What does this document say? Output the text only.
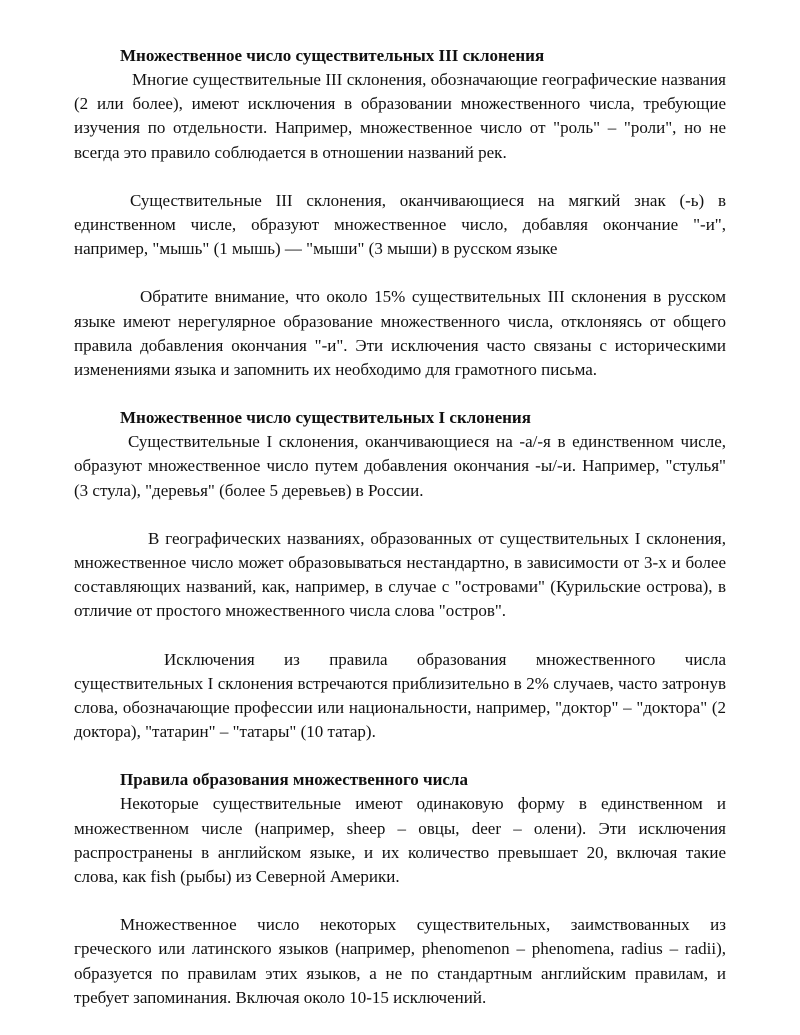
Множественное число существительных III склонения

Многие существительные III склонения, обозначающие географические названия (2 или более), имеют исключения в образовании множественного числа, требующие изучения по отдельности. Например, множественное число от "роль" – "роли", но не всегда это правило соблюдается в отношении названий рек.

Существительные III склонения, оканчивающиеся на мягкий знак (-ь) в единственном числе, образуют множественное число, добавляя окончание "-и", например, "мышь" (1 мышь) — "мыши" (3 мыши) в русском языке

Обратите внимание, что около 15% существительных III склонения в русском языке имеют нерегулярное образование множественного числа, отклоняясь от общего правила добавления окончания "-и". Эти исключения часто связаны с историческими изменениями языка и запомнить их необходимо для грамотного письма.

Множественное число существительных I склонения

Существительные I склонения, оканчивающиеся на -а/-я в единственном числе, образуют множественное число путем добавления окончания -ы/-и. Например, "стулья" (3 стула), "деревья" (более 5 деревьев) в России.

В географических названиях, образованных от существительных I склонения, множественное число может образовываться нестандартно, в зависимости от 3-х и более составляющих названий, как, например, в случае с "островами" (Курильские острова), в отличие от простого множественного числа слова "остров".

Исключения из правила образования множественного числа существительных I склонения встречаются приблизительно в 2% случаев, часто затронув слова, обозначающие профессии или национальности, например, "доктор" – "доктора" (2 доктора), "татарин" – "татары" (10 татар).

Правила образования множественного числа

Некоторые существительные имеют одинаковую форму в единственном и множественном числе (например, sheep – овцы, deer – олени). Эти исключения распространены в английском языке, и их количество превышает 20, включая такие слова, как fish (рыбы) из Северной Америки.

Множественное число некоторых существительных, заимствованных из греческого или латинского языков (например, phenomenon – phenomena, radius – radii), образуется по правилам этих языков, а не по стандартным английским правилам, и требует запоминания. Включая около 10-15 исключений.
